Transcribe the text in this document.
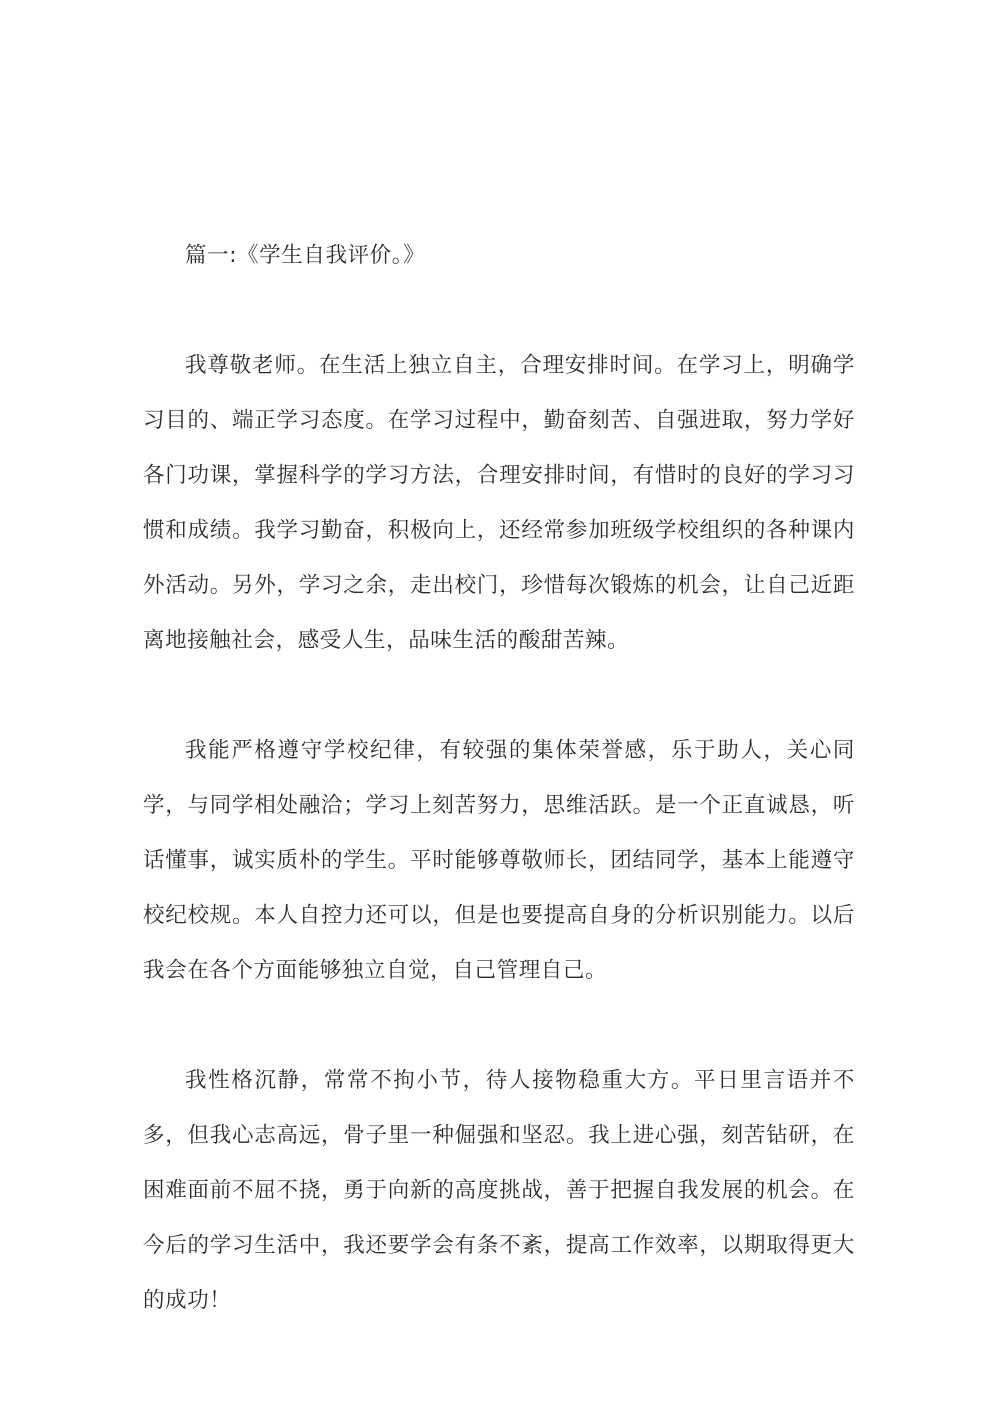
篇一:《学生自我评价。》

我尊敬老师。在生活上独立自主，合理安排时间。在学习上，明确学习目的、端正学习态度。在学习过程中，勤奋刻苦、自强进取，努力学好各门功课，掌握科学的学习方法，合理安排时间，有惜时的良好的学习习惯和成绩。我学习勤奋，积极向上，还经常参加班级学校组织的各种课内外活动。另外，学习之余，走出校门，珍惜每次锻炼的机会，让自己近距离地接触社会，感受人生，品味生活的酸甜苦辣。

我能严格遵守学校纪律，有较强的集体荣誉感，乐于助人，关心同学，与同学相处融洽；学习上刻苦努力，思维活跃。是一个正直诚恳，听话懂事，诚实质朴的学生。平时能够尊敬师长，团结同学，基本上能遵守校纪校规。本人自控力还可以，但是也要提高自身的分析识别能力。以后我会在各个方面能够独立自觉，自己管理自己。

我性格沉静，常常不拘小节，待人接物稳重大方。平日里言语并不多，但我心志高远，骨子里一种倔强和坚忍。我上进心强，刻苦钻研，在困难面前不屈不挠，勇于向新的高度挑战，善于把握自我发展的机会。在今后的学习生活中，我还要学会有条不紊，提高工作效率，以期取得更大的成功！
